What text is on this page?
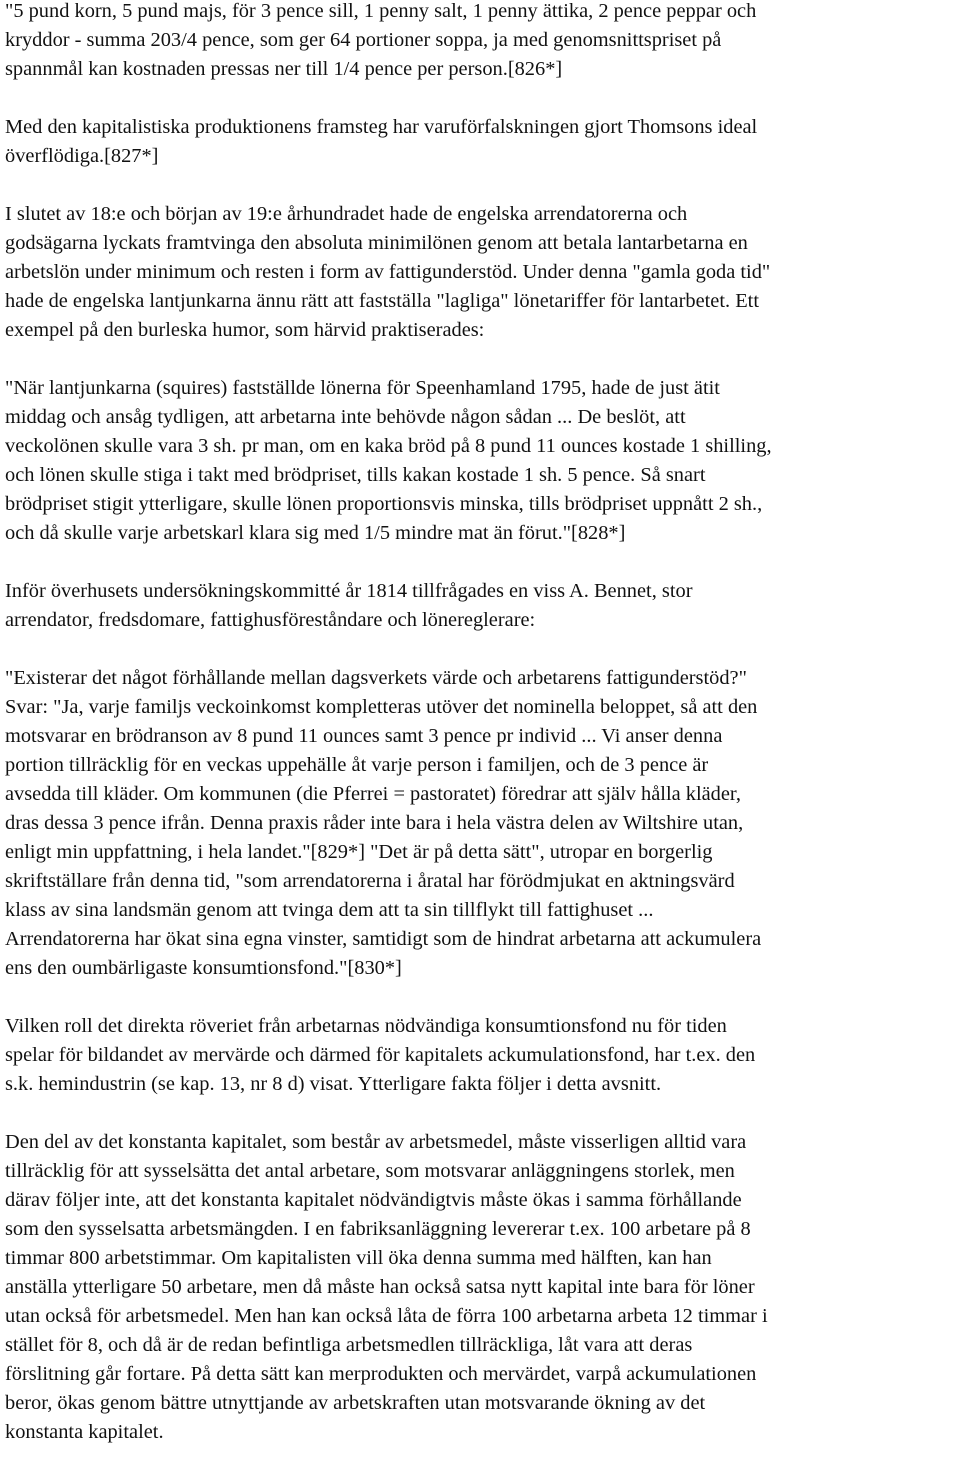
"5 pund korn, 5 pund majs, för 3 pence sill, 1 penny salt, 1 penny ättika, 2 pence peppar och
kryddor - summa 203/4 pence, som ger 64 portioner soppa, ja med genomsnittspriset på
spannmål kan kostnaden pressas ner till 1/4 pence per person.[826*]
Med den kapitalistiska produktionens framsteg har varuförfalskningen gjort Thomsons ideal
överflödiga.[827*]
I slutet av 18:e och början av 19:e århundradet hade de engelska arrendatorerna och
godsägarna lyckats framtvinga den absoluta minimilönen genom att betala lantarbetarna en
arbetslön under minimum och resten i form av fattigunderstöd. Under denna "gamla goda tid"
hade de engelska lantjunkarna ännu rätt att fastställa "lagliga" lönetariffer för lantarbetet. Ett
exempel på den burleska humor, som härvid praktiserades:
"När lantjunkarna (squires) fastställde lönerna för Speenhamland 1795, hade de just ätit
middag och ansåg tydligen, att arbetarna inte behövde någon sådan ... De beslöt, att
veckolönen skulle vara 3 sh. pr man, om en kaka bröd på 8 pund 11 ounces kostade 1 shilling,
och lönen skulle stiga i takt med brödpriset, tills kakan kostade 1 sh. 5 pence. Så snart
brödpriset stigit ytterligare, skulle lönen proportionsvis minska, tills brödpriset uppnått 2 sh.,
och då skulle varje arbetskarl klara sig med 1/5 mindre mat än förut."[828*]
Inför överhusets undersökningskommitté år 1814 tillfrågades en viss A. Bennet, stor
arrendator, fredsdomare, fattighusföreståndare och lönereglerare:
"Existerar det något förhållande mellan dagsverkets värde och arbetarens fattigunderstöd?"
Svar: "Ja, varje familjs veckoinkomst kompletteras utöver det nominella beloppet, så att den
motsvarar en brödranson av 8 pund 11 ounces samt 3 pence pr individ ... Vi anser denna
portion tillräcklig för en veckas uppehälle åt varje person i familjen, och de 3 pence är
avsedda till kläder. Om kommunen (die Pferrei = pastoratet) föredrar att själv hålla kläder,
dras dessa 3 pence ifrån. Denna praxis råder inte bara i hela västra delen av Wiltshire utan,
enligt min uppfattning, i hela landet."[829*] "Det är på detta sätt", utropar en borgerlig
skriftställare från denna tid, "som arrendatorerna i åratal har förödmjukat en aktningsvärd
klass av sina landsmän genom att tvinga dem att ta sin tillflykt till fattighuset ...
Arrendatorerna har ökat sina egna vinster, samtidigt som de hindrat arbetarna att ackumulera
ens den oumbärligaste konsumtionsfond."[830*]
Vilken roll det direkta röveriet från arbetarnas nödvändiga konsumtionsfond nu för tiden
spelar för bildandet av mervärde och därmed för kapitalets ackumulationsfond, har t.ex. den
s.k. hemindustrin (se kap. 13, nr 8 d) visat. Ytterligare fakta följer i detta avsnitt.
Den del av det konstanta kapitalet, som består av arbetsmedel, måste visserligen alltid vara
tillräcklig för att sysselsätta det antal arbetare, som motsvarar anläggningens storlek, men
därav följer inte, att det konstanta kapitalet nödvändigtvis måste ökas i samma förhållande
som den sysselsatta arbetsmängden. I en fabriksanläggning levererar t.ex. 100 arbetare på 8
timmar 800 arbetstimmar. Om kapitalisten vill öka denna summa med hälften, kan han
anställa ytterligare 50 arbetare, men då måste han också satsa nytt kapital inte bara för löner
utan också för arbetsmedel. Men han kan också låta de förra 100 arbetarna arbeta 12 timmar i
stället för 8, och då är de redan befintliga arbetsmedlen tillräckliga, låt vara att deras
förslitning går fortare. På detta sätt kan merprodukten och mervärdet, varpå ackumulationen
beror, ökas genom bättre utnyttjande av arbetskraften utan motsvarande ökning av det
konstanta kapitalet.
